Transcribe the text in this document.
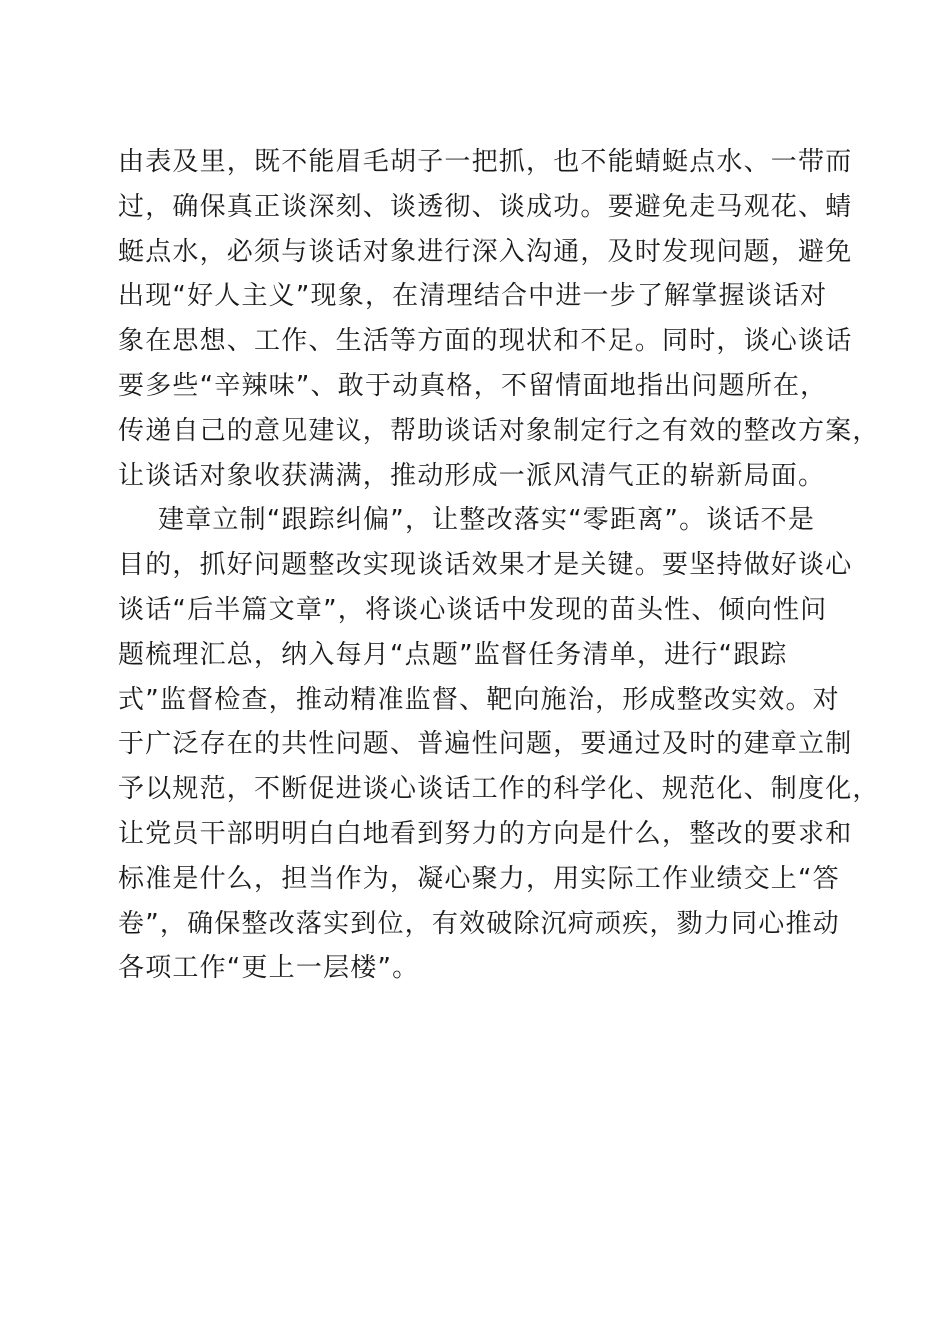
由表及里，既不能眉毛胡子一把抓，也不能蜻蜓点水、一带而
过，确保真正谈深刻、谈透彻、谈成功。要避免走马观花、蜻
蜓点水，必须与谈话对象进行深入沟通，及时发现问题，避免
出现“好人主义”现象，在清理结合中进一步了解掌握谈话对
象在思想、工作、生活等方面的现状和不足。同时，谈心谈话
要多些“辛辣味”、敢于动真格，不留情面地指出问题所在，
传递自己的意见建议，帮助谈话对象制定行之有效的整改方案，
让谈话对象收获满满，推动形成一派风清气正的崭新局面。
建章立制“跟踪纠偏”，让整改落实“零距离”。谈话不是
目的，抓好问题整改实现谈话效果才是关键。要坚持做好谈心
谈话“后半篇文章”，将谈心谈话中发现的苗头性、倾向性问
题梳理汇总，纳入每月“点题”监督任务清单，进行“跟踪
式”监督检查，推动精准监督、靶向施治，形成整改实效。对
于广泛存在的共性问题、普遍性问题，要通过及时的建章立制
予以规范，不断促进谈心谈话工作的科学化、规范化、制度化，
让党员干部明明白白地看到努力的方向是什么，整改的要求和
标准是什么，担当作为，凝心聚力，用实际工作业绩交上“答
卷”，确保整改落实到位，有效破除沉疴顽疾，勠力同心推动
各项工作“更上一层楼”。
